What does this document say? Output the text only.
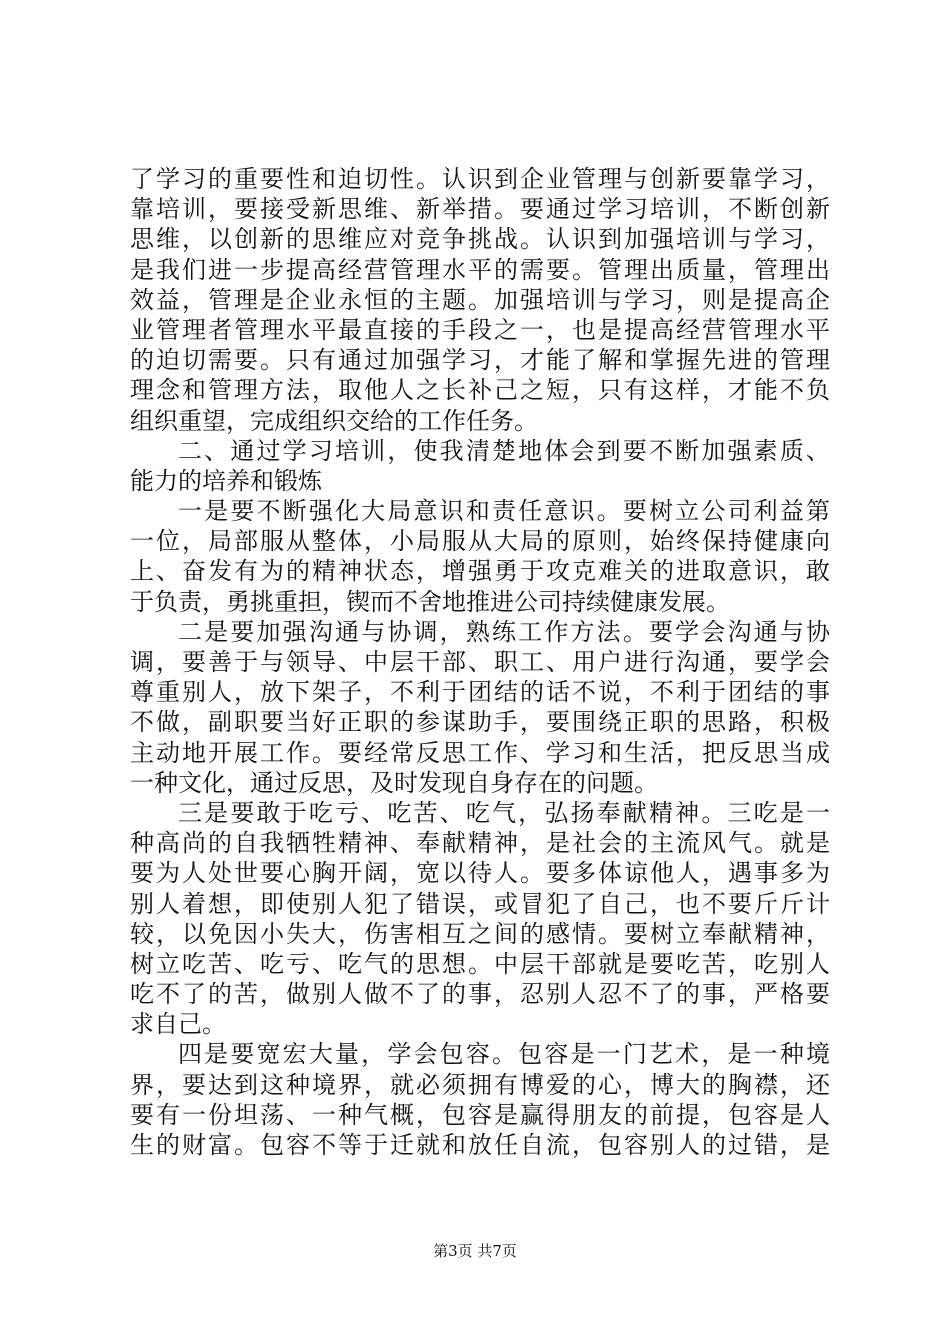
了学习的重要性和迫切性。认识到企业管理与创新要靠学习，
靠培训，要接受新思维、新举措。要通过学习培训，不断创新
思维，以创新的思维应对竞争挑战。认识到加强培训与学习，
是我们进一步提高经营管理水平的需要。管理出质量，管理出
效益，管理是企业永恒的主题。加强培训与学习，则是提高企
业管理者管理水平最直接的手段之一，也是提高经营管理水平
的迫切需要。只有通过加强学习，才能了解和掌握先进的管理
理念和管理方法，取他人之长补己之短，只有这样，才能不负
组织重望，完成组织交给的工作任务。
二、通过学习培训，使我清楚地体会到要不断加强素质、
能力的培养和锻炼
一是要不断强化大局意识和责任意识。要树立公司利益第
一位，局部服从整体，小局服从大局的原则，始终保持健康向
上、奋发有为的精神状态，增强勇于攻克难关的进取意识，敢
于负责，勇挑重担，锲而不舍地推进公司持续健康发展。
二是要加强沟通与协调，熟练工作方法。要学会沟通与协
调，要善于与领导、中层干部、职工、用户进行沟通，要学会
尊重别人，放下架子，不利于团结的话不说，不利于团结的事
不做，副职要当好正职的参谋助手，要围绕正职的思路，积极
主动地开展工作。要经常反思工作、学习和生活，把反思当成
一种文化，通过反思，及时发现自身存在的问题。
三是要敢于吃亏、吃苦、吃气，弘扬奉献精神。三吃是一
种高尚的自我牺牲精神、奉献精神，是社会的主流风气。就是
要为人处世要心胸开阔，宽以待人。要多体谅他人，遇事多为
别人着想，即使别人犯了错误，或冒犯了自己，也不要斤斤计
较，以免因小失大，伤害相互之间的感情。要树立奉献精神，
树立吃苦、吃亏、吃气的思想。中层干部就是要吃苦，吃别人
吃不了的苦，做别人做不了的事，忍别人忍不了的事，严格要
求自己。
四是要宽宏大量，学会包容。包容是一门艺术，是一种境
界，要达到这种境界，就必须拥有博爱的心，博大的胸襟，还
要有一份坦荡、一种气概，包容是赢得朋友的前提，包容是人
生的财富。包容不等于迁就和放任自流，包容别人的过错，是
第3页 共7页
